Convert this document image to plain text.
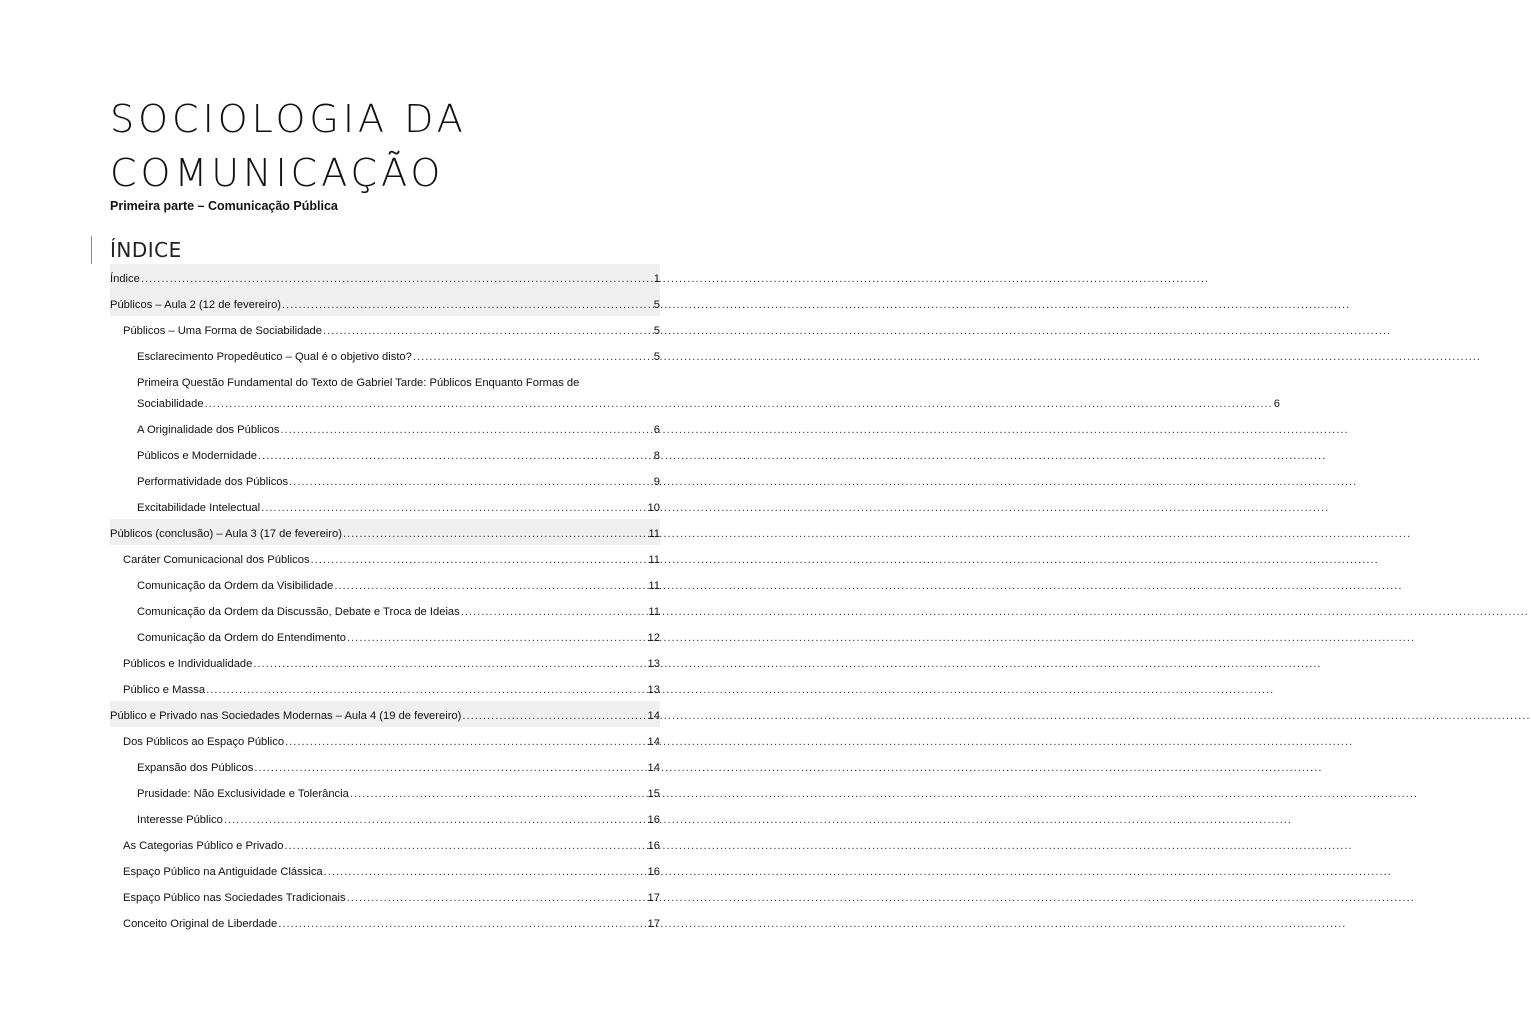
SOCIOLOGIA DA
COMUNICAÇÃO
Primeira parte – Comunicação Pública
ÍNDICE
Índice .....	1
Públicos – Aula 2 (12 de fevereiro) .....	5
Públicos – Uma Forma de Sociabilidade .....	5
Esclarecimento Propedêutico – Qual é o objetivo disto? .....	5
Primeira Questão Fundamental do Texto de Gabriel Tarde: Públicos Enquanto Formas de
Sociabilidade .....	6
A Originalidade dos Públicos .....	6
Públicos e Modernidade .....	8
Performatividade dos Públicos .....	9
Excitabilidade Intelectual .....	10
Públicos (conclusão) – Aula 3 (17 de fevereiro) .....	11
Caráter Comunicacional dos Públicos .....	11
Comunicação da Ordem da Visibilidade .....	11
Comunicação da Ordem da Discussão, Debate e Troca de Ideias .....	11
Comunicação da Ordem do Entendimento .....	12
Públicos e Individualidade .....	13
Público e Massa .....	13
Público e Privado nas Sociedades Modernas – Aula 4 (19 de fevereiro) .....	14
Dos Públicos ao Espaço Público .....	14
Expansão dos Públicos .....	14
Prusidade: Não Exclusividade e Tolerância .....	15
Interesse Público .....	16
As Categorias Público e Privado .....	16
Espaço Público na Antiguidade Clássica .....	16
Espaço Público nas Sociedades Tradicionais .....	17
Conceito Original de Liberdade .....	17
